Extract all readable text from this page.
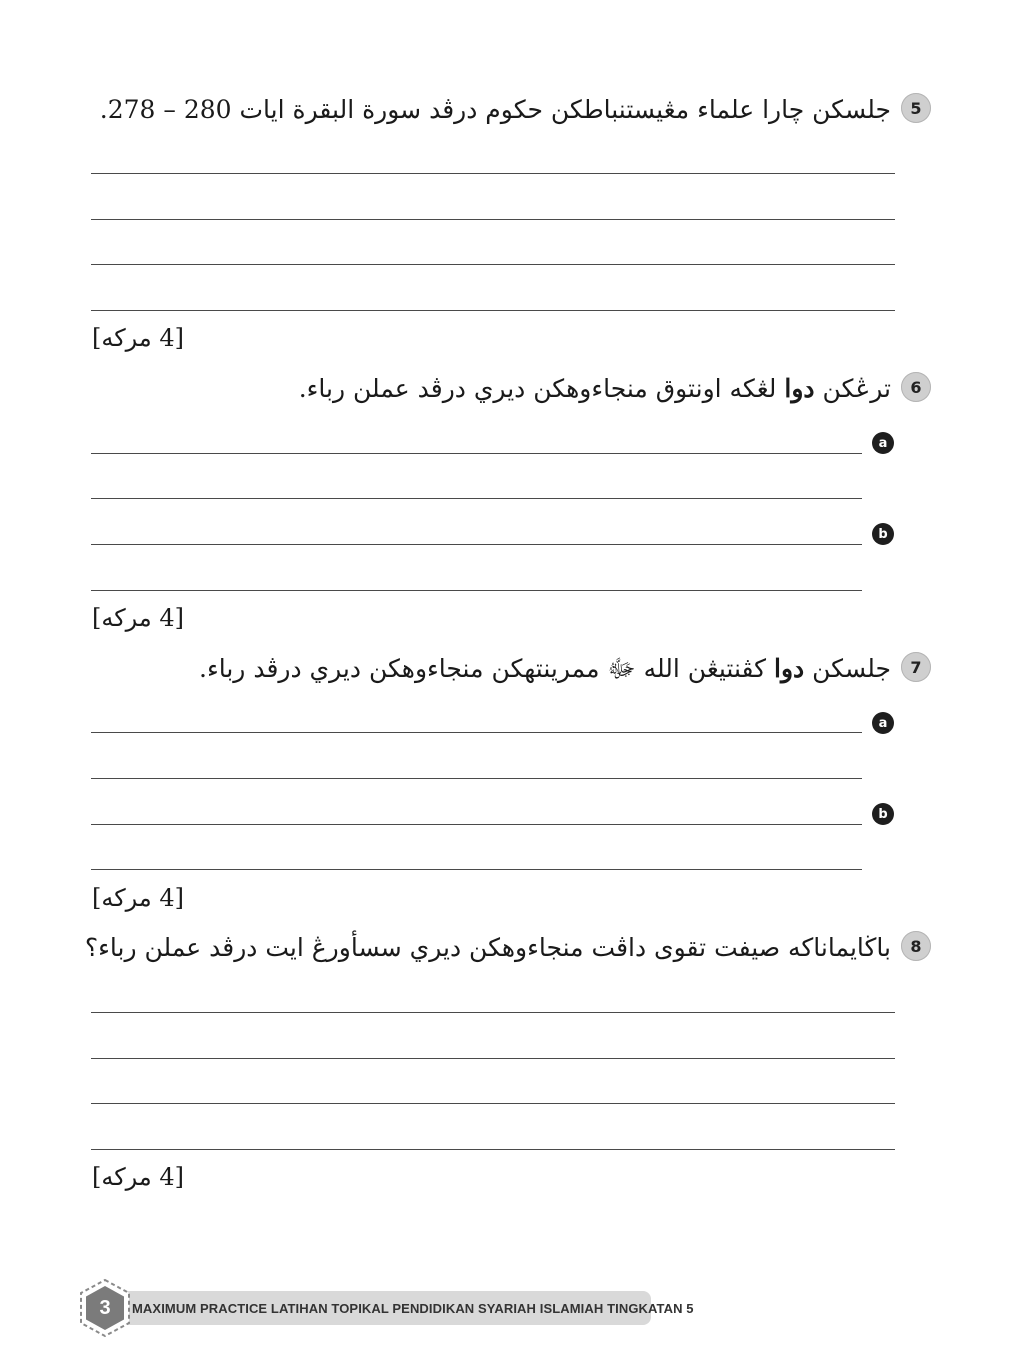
5
جلسكن چارا علماء مڠيستنباطكن حكوم درڤد سورة البقرة ايات 280 – 278.
[4 مركه]
6
ترڠكن دوا لڠكه اونتوق منجاءوهكن ديري درڤد عملن رباء.
a
b
[4 مركه]
7
جلسكن دوا كڤنتيڠن الله ﷻ ممرينتهكن منجاءوهكن ديري درڤد رباء.
a
b
[4 مركه]
8
باڬايماناكه صيفت تقوى داڤت منجاءوهكن ديري سسأورڠ ايت درڤد عملن رباء؟
[4 مركه]
MAXIMUM PRACTICE LATIHAN TOPIKAL PENDIDIKAN SYARIAH ISLAMIAH TINGKATAN 5
3
